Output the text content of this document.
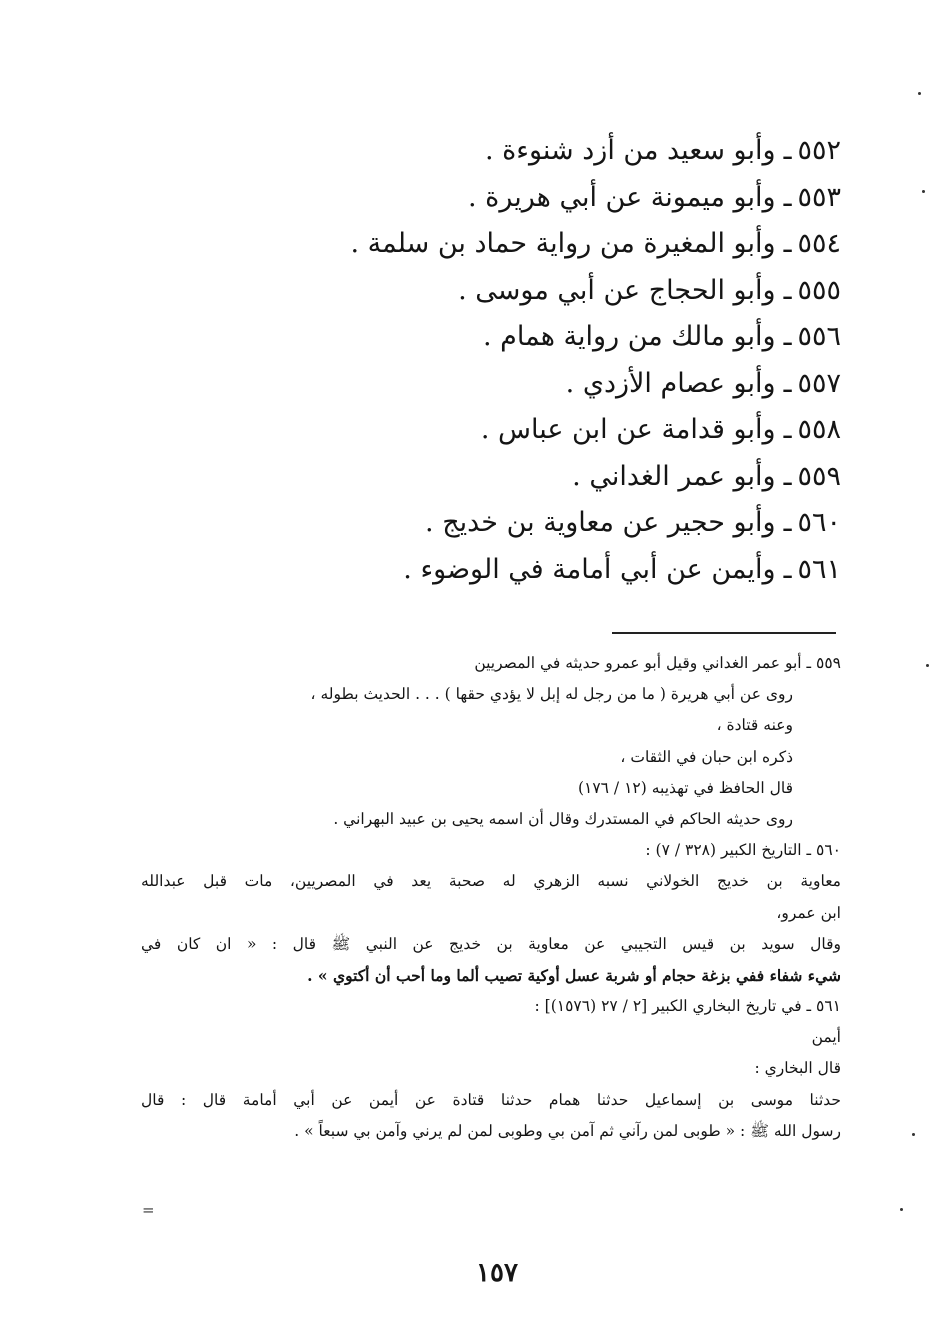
٥٥٢ـوأبو سعيد من أزد شنوءة .
٥٥٣ـوأبو ميمونة عن أبي هريرة .
٥٥٤ـوأبو المغيرة من رواية حماد بن سلمة .
٥٥٥ـوأبو الحجاج عن أبي موسى .
٥٥٦ـوأبو مالك من رواية همام .
٥٥٧ـوأبو عصام الأزدي .
٥٥٨ـوأبو قدامة عن ابن عباس .
٥٥٩ـوأبو عمر الغداني .
٥٦٠ـوأبو حجير عن معاوية بن خديج .
٥٦١ـوأيمن عن أبي أمامة في الوضوء .
٥٥٩ ـ أبو عمر الغداني وقيل أبو عمرو حديثه في المصريين
روى عن أبي هريرة ( ما من رجل له إبل لا يؤدي حقها ) . . . الحديث بطوله ،
وعنه قتادة ،
ذكره ابن حبان في الثقات ،
قال الحافظ في تهذيبه (١٢ / ١٧٦)
روى حديثه الحاكم في المستدرك وقال أن اسمه يحيى بن عبيد البهراني .
٥٦٠ ـ التاريخ الكبير (٣٢٨ / ٧) :
معاوية بن خديج الخولاني نسبه الزهري له صحبة يعد في المصريين، مات قبل عبدالله
ابن عمرو،
وقال سويد بن قيس التجيبي عن معاوية بن خديج عن النبي ﷺ قال : « ان كان في
شيء شفاء ففي بزغة حجام أو شربة عسل أوكية تصيب ألما وما أحب أن أكتوي » .
٥٦١ ـ في تاريخ البخاري الكبير [٢ / ٢٧ (١٥٧٦)] :
أيمن
قال البخاري :
حدثنا موسى بن إسماعيل حدثنا همام حدثنا قتادة عن أيمن عن أبي أمامة قال : قال
رسول الله ﷺ : « طوبى لمن رآني ثم آمن بي وطوبى لمن لم يرني وآمن بي سبعاً » .
=
١٥٧
